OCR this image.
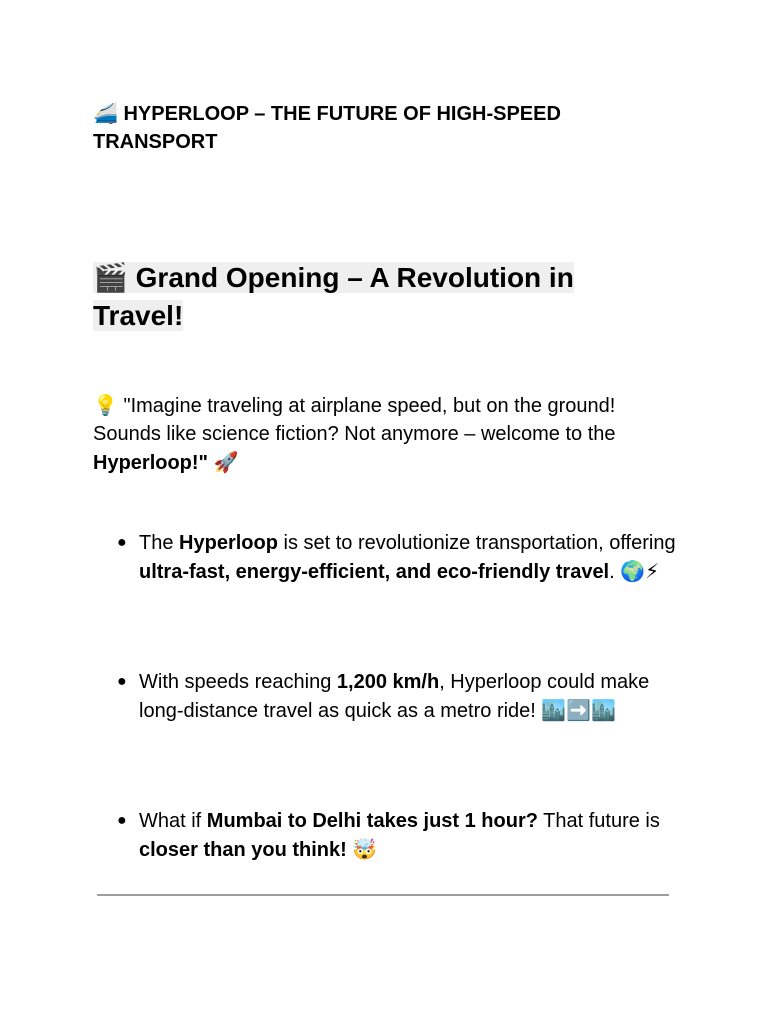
🚄 HYPERLOOP – THE FUTURE OF HIGH-SPEED TRANSPORT
🎬 Grand Opening – A Revolution in Travel!

💡 "Imagine traveling at airplane speed, but on the ground! Sounds like science fiction? Not anymore – welcome to the Hyperloop!" 🚀

● The Hyperloop is set to revolutionize transportation, offering ultra-fast, energy-efficient, and eco-friendly travel. 🌍⚡
● With speeds reaching 1,200 km/h, Hyperloop could make long-distance travel as quick as a metro ride! 🏙️➡️🏙️
● What if Mumbai to Delhi takes just 1 hour? That future is closer than you think! 🤯
